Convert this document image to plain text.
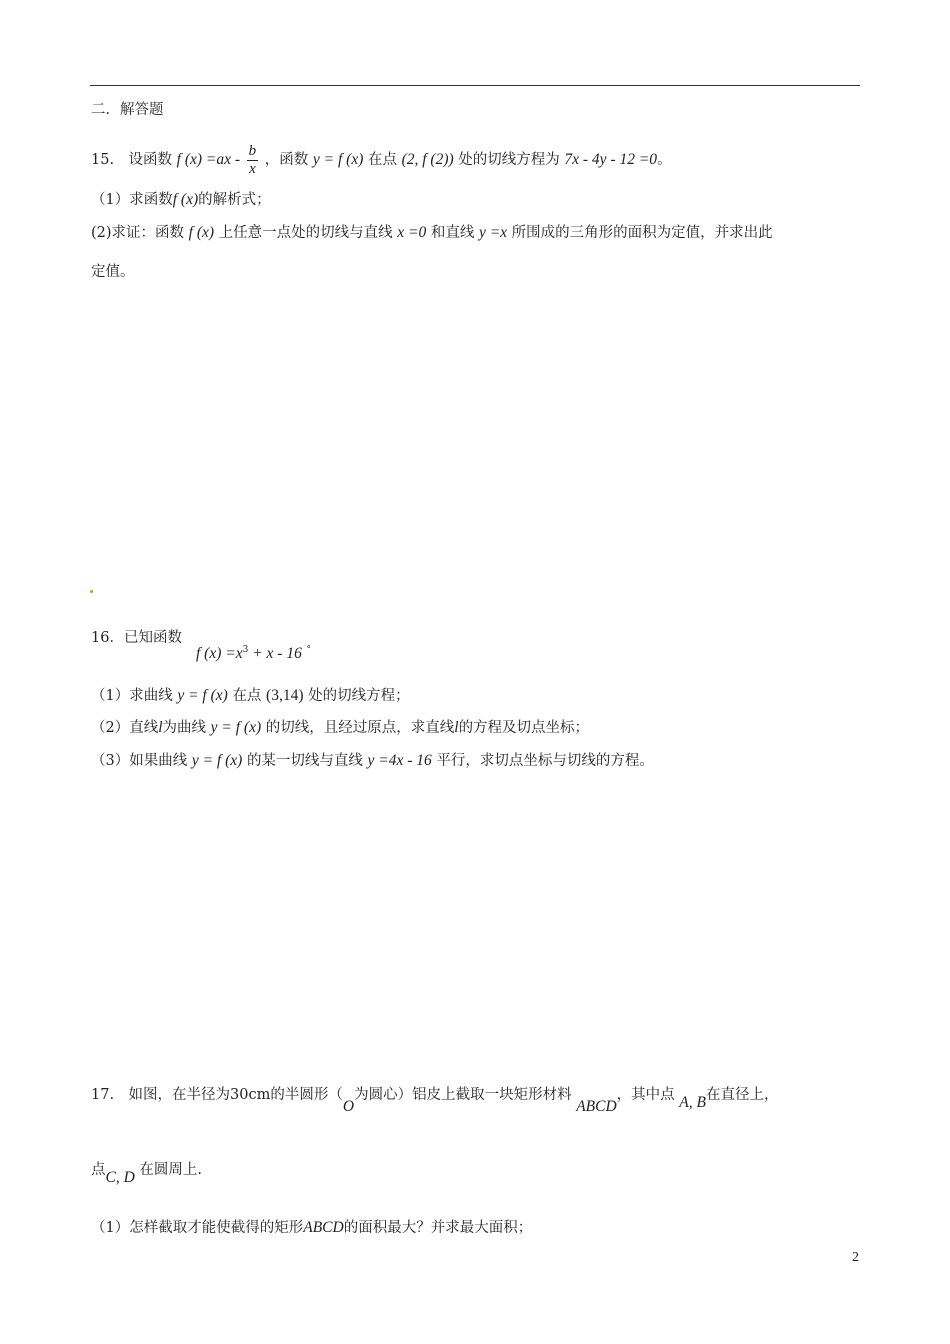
二．解答题
15.　设函数 f $(x) =ax - \frac{b}{x}$ ，函数 y = f (x) 在点 (2, f (2)) 处的切线方程为 7x - 4y - 12 =0。
（1）求函数f (x)的解析式；
(2)求证：函数 f (x) 上任意一点处的切线与直线 x =0 和直线 y =x 所围成的三角形的面积为定值，并求出此
定值。
16．已知函数
f $(x) =x^3 + x - 16$ °
（1）求曲线 y = f (x) 在点 (3,14) 处的切线方程；
（2）直线l为曲线 y = f (x) 的切线，且经过原点，求直线l的方程及切点坐标；
（3）如果曲线 y = f (x) 的某一切线与直线 y =4x - 16 平行，求切点坐标与切线的方程。
17.　如图，在半径为30cm的半圆形（O为圆心）铝皮上截取一块矩形材料 ABCD，其中点 A, B在直径上，
点C, D 在圆周上.
（1）怎样截取才能使截得的矩形ABCD的面积最大？并求最大面积；
2
